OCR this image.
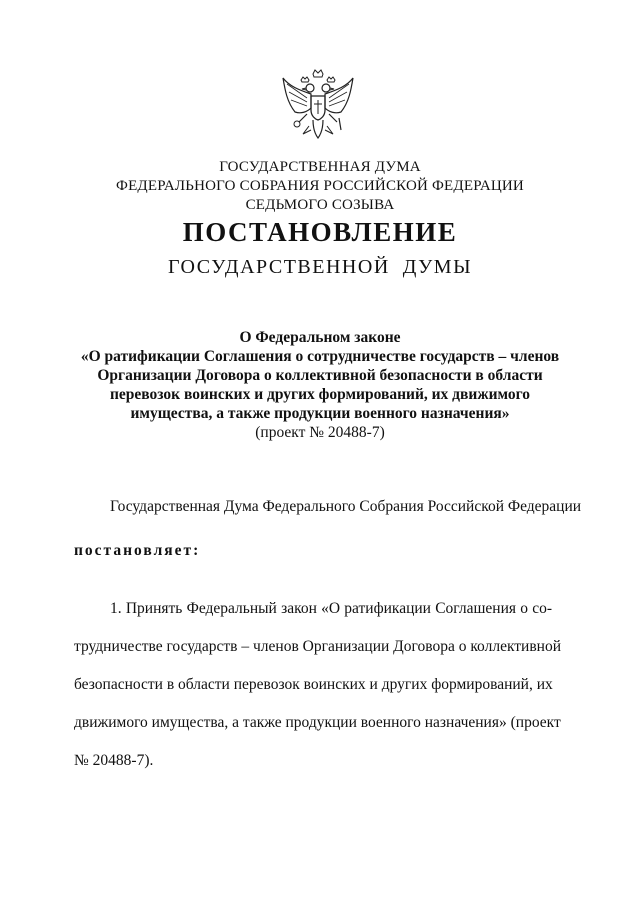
ГОСУДАРСТВЕННАЯ ДУМА
ФЕДЕРАЛЬНОГО СОБРАНИЯ РОССИЙСКОЙ ФЕДЕРАЦИИ
СЕДЬМОГО СОЗЫВА
ПОСТАНОВЛЕНИЕ
ГОСУДАРСТВЕННОЙ  ДУМЫ
О Федеральном законе
«О ратификации Соглашения о сотрудничестве государств – членов
Организации Договора о коллективной безопасности в области
перевозок воинских и других формирований, их движимого
имущества, а также продукции военного назначения»
(проект № 20488-7)
Государственная Дума Федерального Собрания Российской Федерации
постановляет:
1. Принять Федеральный закон «О ратификации Соглашения о со-
трудничестве государств – членов Организации Договора о коллективной
безопасности в области перевозок воинских и других формирований, их
движимого имущества, а также продукции военного назначения» (проект
№ 20488-7).
